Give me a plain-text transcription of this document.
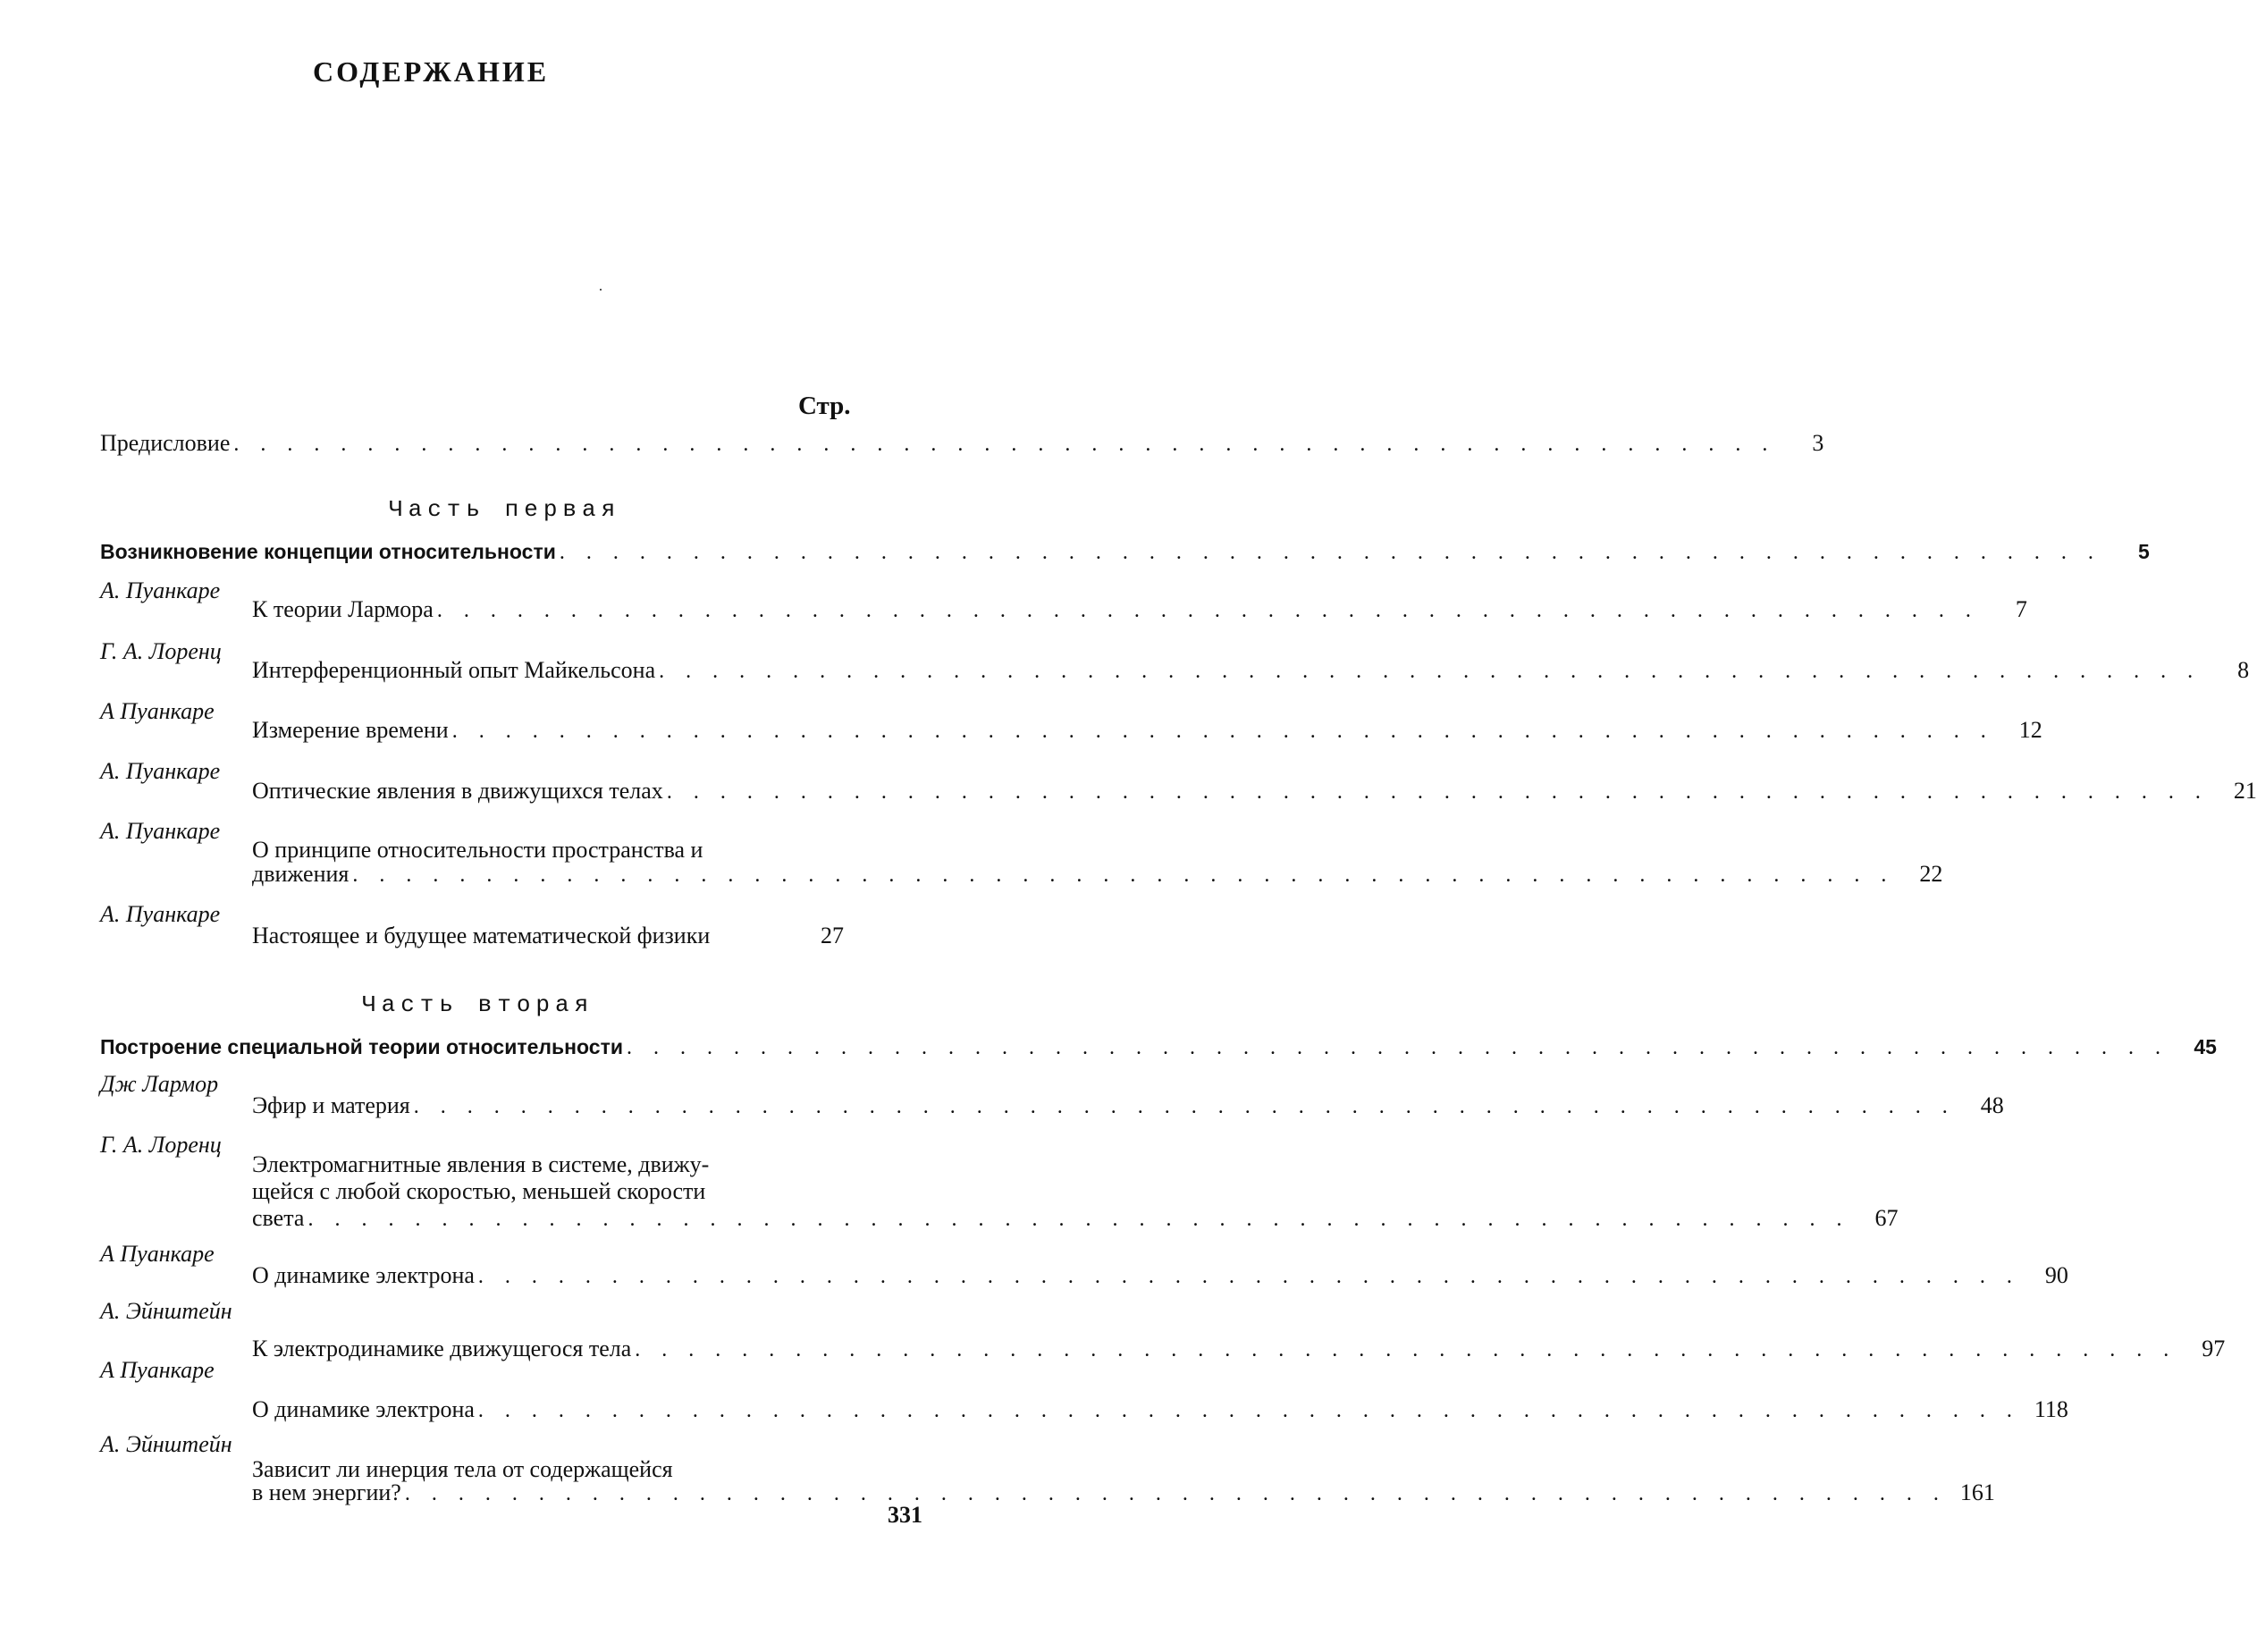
СОДЕРЖАНИЕ
Стр.
Предисловие . . . . . . . . . . . . . . . . . . . . . . . . . . . . . . . . . . . . . . . . . . . . . . . . . . . . . . . . . .	3
Часть первая
Возникновение концепции относительности . . . . . . . . . . . . . . . . . . . . . . . . . . . . . . . . . . . . . . . . . . . . . . . . . . . . . . . . . .	5
А. Пуанкаре
К теории Лармора . . . . . . . . . . . . . . . . . . . . . . . . . . . . . . . . . . . . . . . . . . . . . . . . . . . . . . . . . .	7
Г. А. Лоренц
Интерференционный опыт Майкельсона . . . . . . . . . . . . . . . . . . . . . . . . . . . . . . . . . . . . . . . . . . . . . . . . . . . . . . . . . .	8
А Пуанкаре
Измерение времени . . . . . . . . . . . . . . . . . . . . . . . . . . . . . . . . . . . . . . . . . . . . . . . . . . . . . . . . . .	12
А. Пуанкаре
Оптические явления в движущихся телах . . . . . . . . . . . . . . . . . . . . . . . . . . . . . . . . . . . . . . . . . . . . . . . . . . . . . . . . . .	21
А. Пуанкаре
О принципе относительности пространства и
движения . . . . . . . . . . . . . . . . . . . . . . . . . . . . . . . . . . . . . . . . . . . . . . . . . . . . . . . . . .	22
А. Пуанкаре
Настоящее и будущее математической физики	27
Часть вторая
Построение специальной теории относительности . . . . . . . . . . . . . . . . . . . . . . . . . . . . . . . . . . . . . . . . . . . . . . . . . . . . . . . . . .	45
Дж Лармор
Эфир и материя . . . . . . . . . . . . . . . . . . . . . . . . . . . . . . . . . . . . . . . . . . . . . . . . . . . . . . . . . .	48
Г. А. Лоренц
Электромагнитные явления в системе, движу-
щейся с любой скоростью, меньшей скорости
света . . . . . . . . . . . . . . . . . . . . . . . . . . . . . . . . . . . . . . . . . . . . . . . . . . . . . . . . . .	67
А Пуанкаре
О динамике электрона . . . . . . . . . . . . . . . . . . . . . . . . . . . . . . . . . . . . . . . . . . . . . . . . . . . . . . . . . .	90
А. Эйнштейн
К электродинамике движущегося тела . . . . . . . . . . . . . . . . . . . . . . . . . . . . . . . . . . . . . . . . . . . . . . . . . . . . . . . . . .	97
А Пуанкаре
О динамике электрона . . . . . . . . . . . . . . . . . . . . . . . . . . . . . . . . . . . . . . . . . . . . . . . . . . . . . . . . . . 118
А. Эйнштейн
Зависит ли инерция тела от содержащейся
в нем энергии? . . . . . . . . . . . . . . . . . . . . . . . . . . . . . . . . . . . . . . . . . . . . . . . . . . . . . . . . . . 161
331
